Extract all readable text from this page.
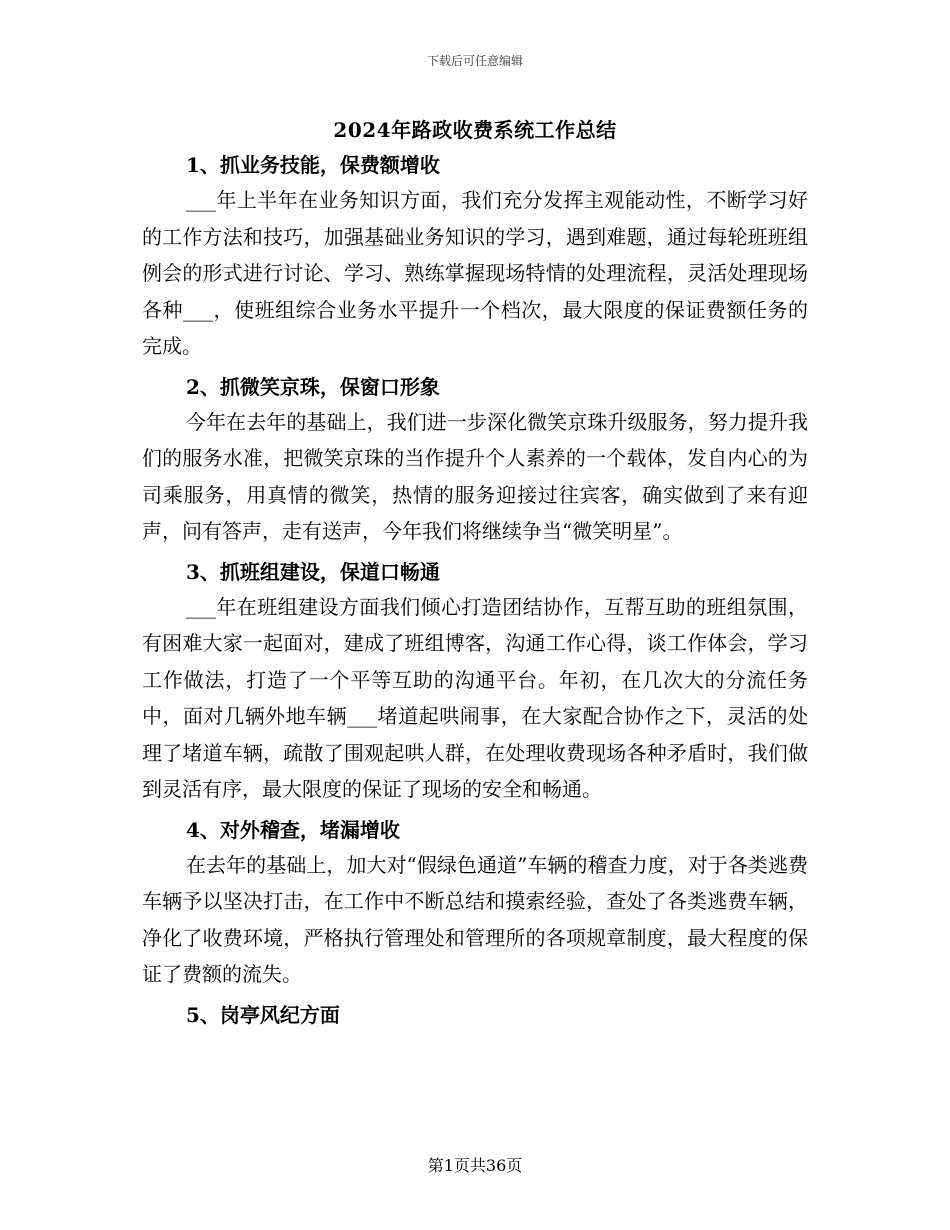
下载后可任意编辑
2024年路政收费系统工作总结

1、抓业务技能，保费额增收

___年上半年在业务知识方面，我们充分发挥主观能动性，不断学习好的工作方法和技巧，加强基础业务知识的学习，遇到难题，通过每轮班班组例会的形式进行讨论、学习、熟练掌握现场特情的处理流程，灵活处理现场各种___，使班组综合业务水平提升一个档次，最大限度的保证费额任务的完成。

2、抓微笑京珠，保窗口形象

今年在去年的基础上，我们进一步深化微笑京珠升级服务，努力提升我们的服务水准，把微笑京珠的当作提升个人素养的一个载体，发自内心的为司乘服务，用真情的微笑，热情的服务迎接过往宾客，确实做到了来有迎声，问有答声，走有送声，今年我们将继续争当“微笑明星”。

3、抓班组建设，保道口畅通

___年在班组建设方面我们倾心打造团结协作，互帮互助的班组氛围，有困难大家一起面对，建成了班组博客，沟通工作心得，谈工作体会，学习工作做法，打造了一个平等互助的沟通平台。年初，在几次大的分流任务中，面对几辆外地车辆___堵道起哄闹事，在大家配合协作之下，灵活的处理了堵道车辆，疏散了围观起哄人群，在处理收费现场各种矛盾时，我们做到灵活有序，最大限度的保证了现场的安全和畅通。

4、对外稽查，堵漏增收

在去年的基础上，加大对“假绿色通道”车辆的稽查力度，对于各类逃费车辆予以坚决打击，在工作中不断总结和摸索经验，查处了各类逃费车辆，净化了收费环境，严格执行管理处和管理所的各项规章制度，最大程度的保证了费额的流失。

5、岗亭风纪方面

第1页共36页
